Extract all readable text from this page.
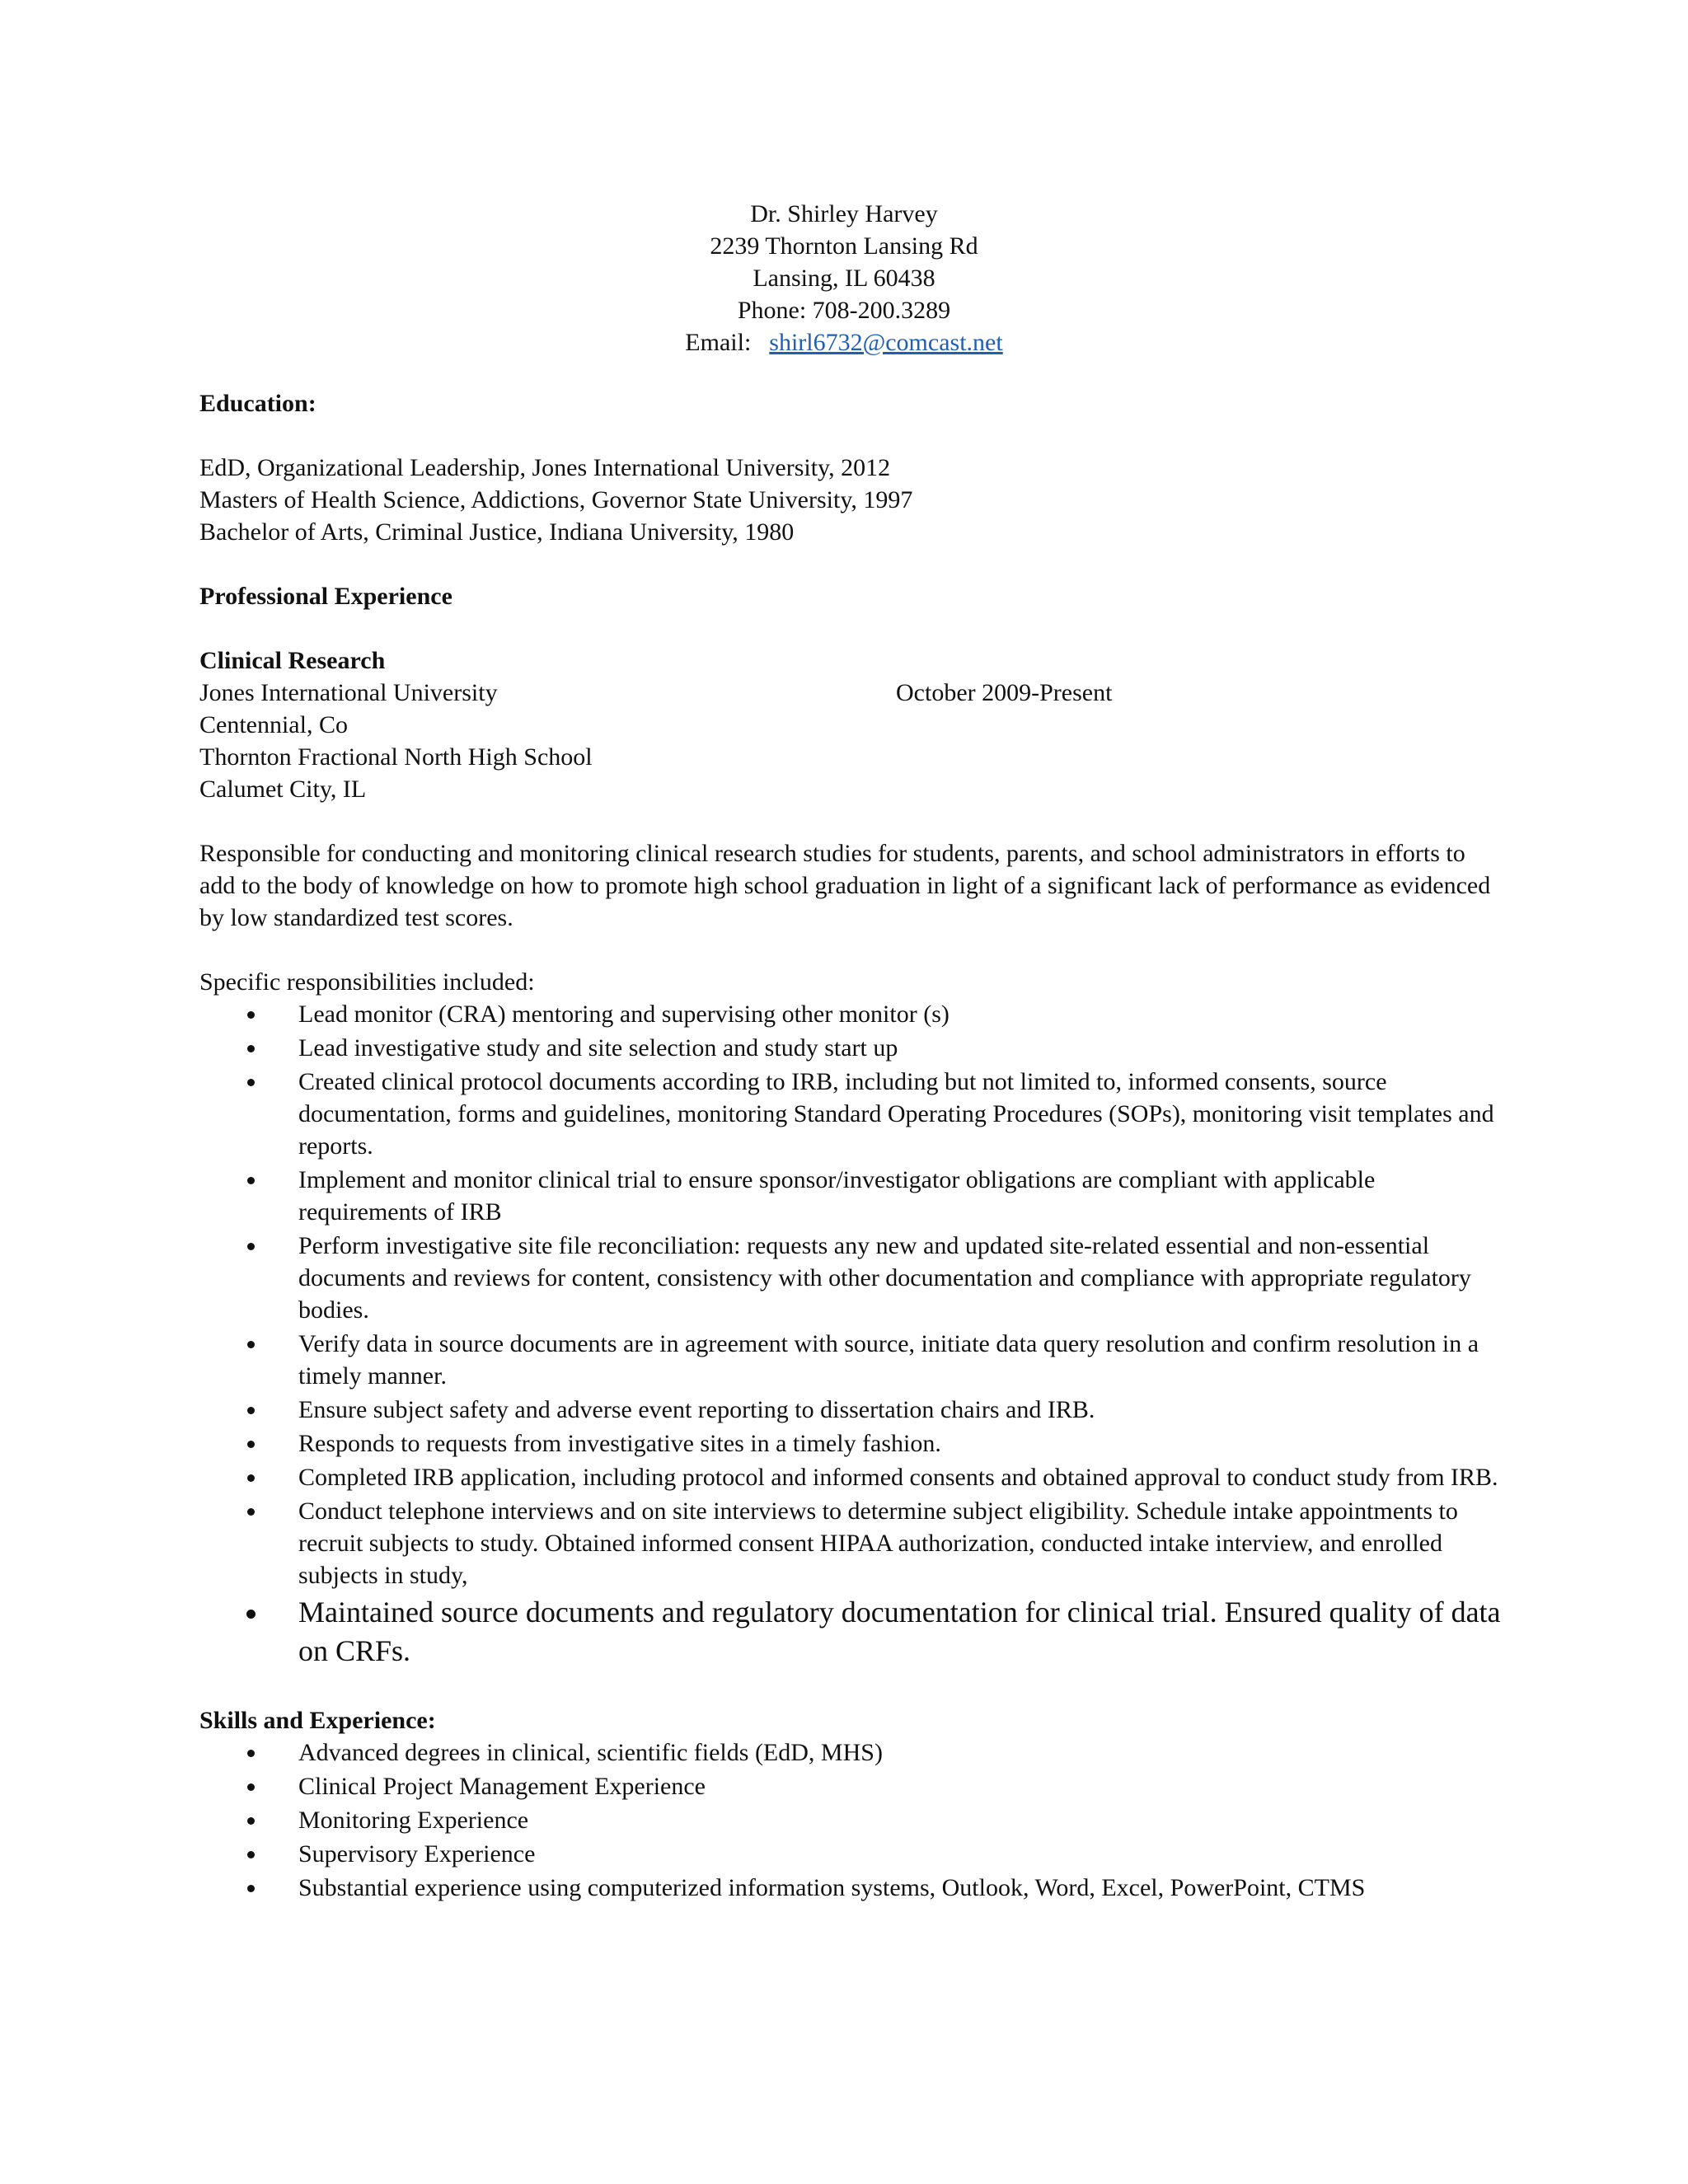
Dr. Shirley Harvey
2239 Thornton Lansing Rd
Lansing, IL 60438
Phone: 708-200.3289
Email: shirl6732@comcast.net
Education:
EdD, Organizational Leadership, Jones International University, 2012
Masters of Health Science, Addictions, Governor State University, 1997
Bachelor of Arts, Criminal Justice, Indiana University, 1980
Professional Experience
Clinical Research
Jones International University	October 2009-Present
Centennial, Co
Thornton Fractional North High School
Calumet City, IL
Responsible for conducting and monitoring clinical research studies for students, parents, and school administrators in efforts to add to the body of knowledge on how to promote high school graduation in light of a significant lack of performance as evidenced by low standardized test scores.
Specific responsibilities included:
Lead monitor (CRA) mentoring and supervising other monitor (s)
Lead investigative study and site selection and study start up
Created clinical protocol documents according to IRB, including but not limited to, informed consents, source documentation, forms and guidelines, monitoring Standard Operating Procedures (SOPs), monitoring visit templates and reports.
Implement and monitor clinical trial to ensure sponsor/investigator obligations are compliant with applicable requirements of IRB
Perform investigative site file reconciliation: requests any new and updated site-related essential and non-essential documents and reviews for content, consistency with other documentation and compliance with appropriate regulatory bodies.
Verify data in source documents are in agreement with source, initiate data query resolution and confirm resolution in a timely manner.
Ensure subject safety and adverse event reporting to dissertation chairs and IRB.
Responds to requests from investigative sites in a timely fashion.
Completed IRB application, including protocol and informed consents and obtained approval to conduct study from IRB.
Conduct telephone interviews and on site interviews to determine subject eligibility. Schedule intake appointments to recruit subjects to study. Obtained informed consent HIPAA authorization, conducted intake interview, and enrolled subjects in study,
Maintained source documents and regulatory documentation for clinical trial. Ensured quality of data on CRFs.
Skills and Experience:
Advanced degrees in clinical, scientific fields (EdD, MHS)
Clinical Project Management Experience
Monitoring Experience
Supervisory Experience
Substantial experience using computerized information systems, Outlook, Word, Excel, PowerPoint, CTMS
